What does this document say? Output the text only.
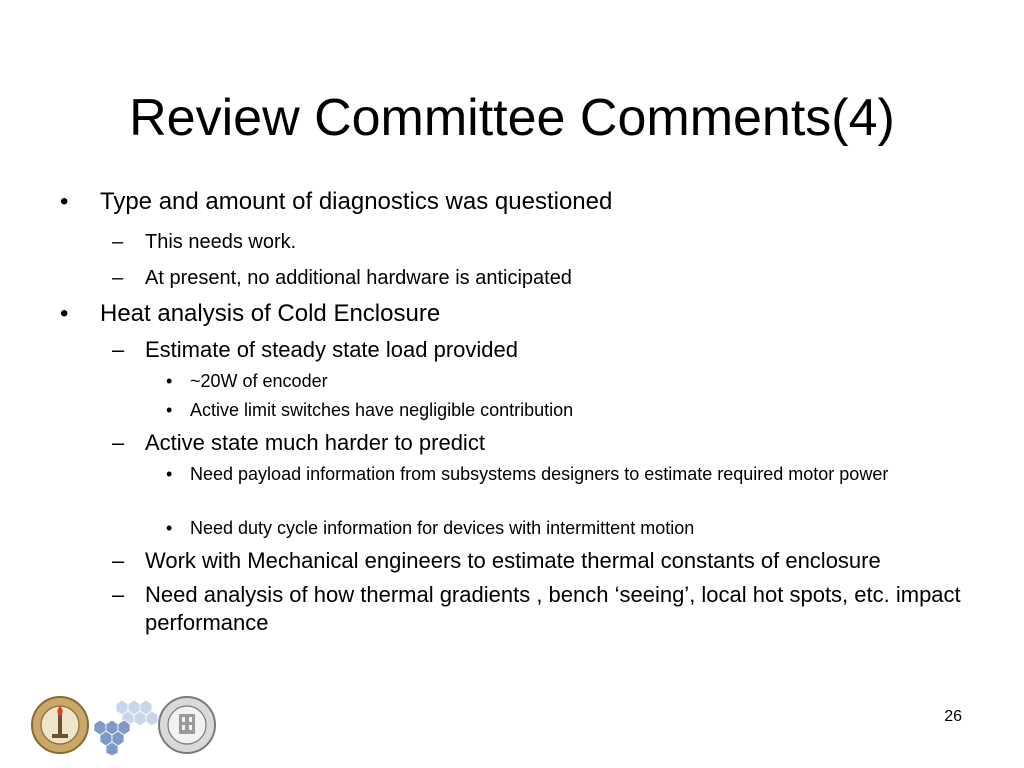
Review Committee Comments(4)
• Type and amount of diagnostics was questioned
– This needs work.
– At present, no additional hardware is anticipated
• Heat analysis of Cold Enclosure
– Estimate of steady state load provided
• ~20W of encoder
• Active limit switches have negligible contribution
– Active state much harder to predict
• Need payload information from subsystems designers to estimate required motor power
• Need duty cycle information for devices with intermittent motion
– Work with Mechanical engineers to estimate thermal constants of enclosure
– Need analysis of how thermal gradients , bench ‘seeing’, local hot spots, etc. impact performance
26
